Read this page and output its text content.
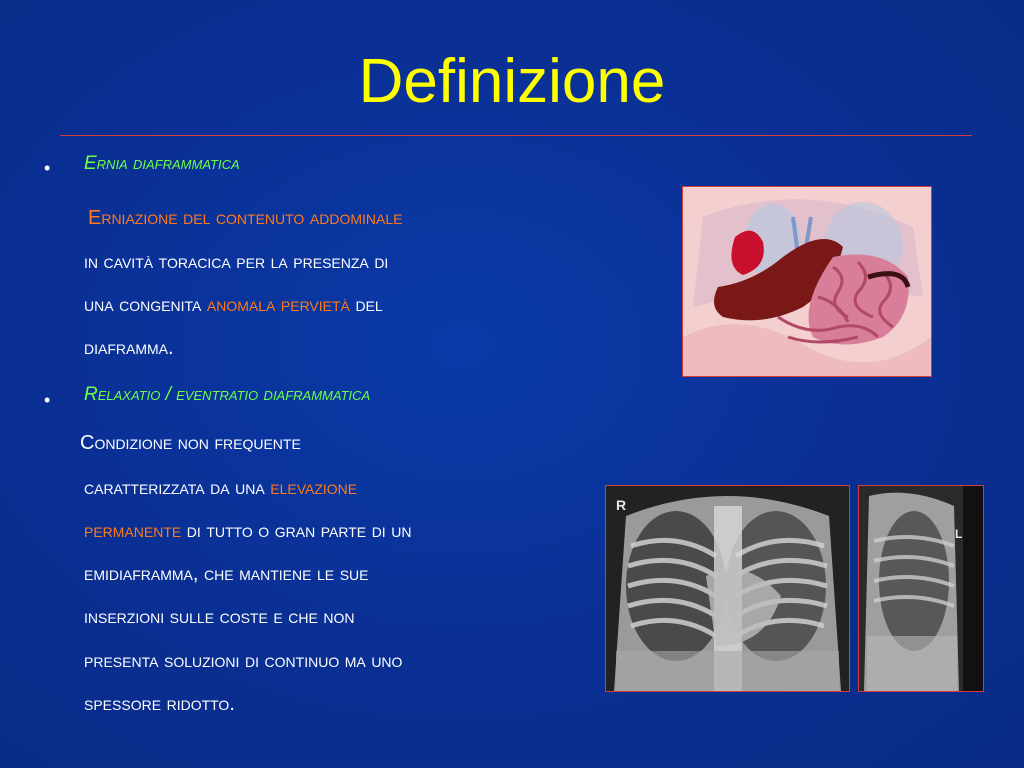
Definizione
• Ernia diaframmatica
Erniazione del contenuto addominale
in cavità toracica per la presenza di
una congenita anomala pervietà del
diaframma.
• Relaxatio / eventratio diaframmatica
Condizione non frequente
caratterizzata da una elevazione
permanente di tutto o gran parte di un
emidiaframma, che mantiene le sue
inserzioni sulle coste e che non
presenta soluzioni di continuo ma uno
spessore ridotto.
R
L
